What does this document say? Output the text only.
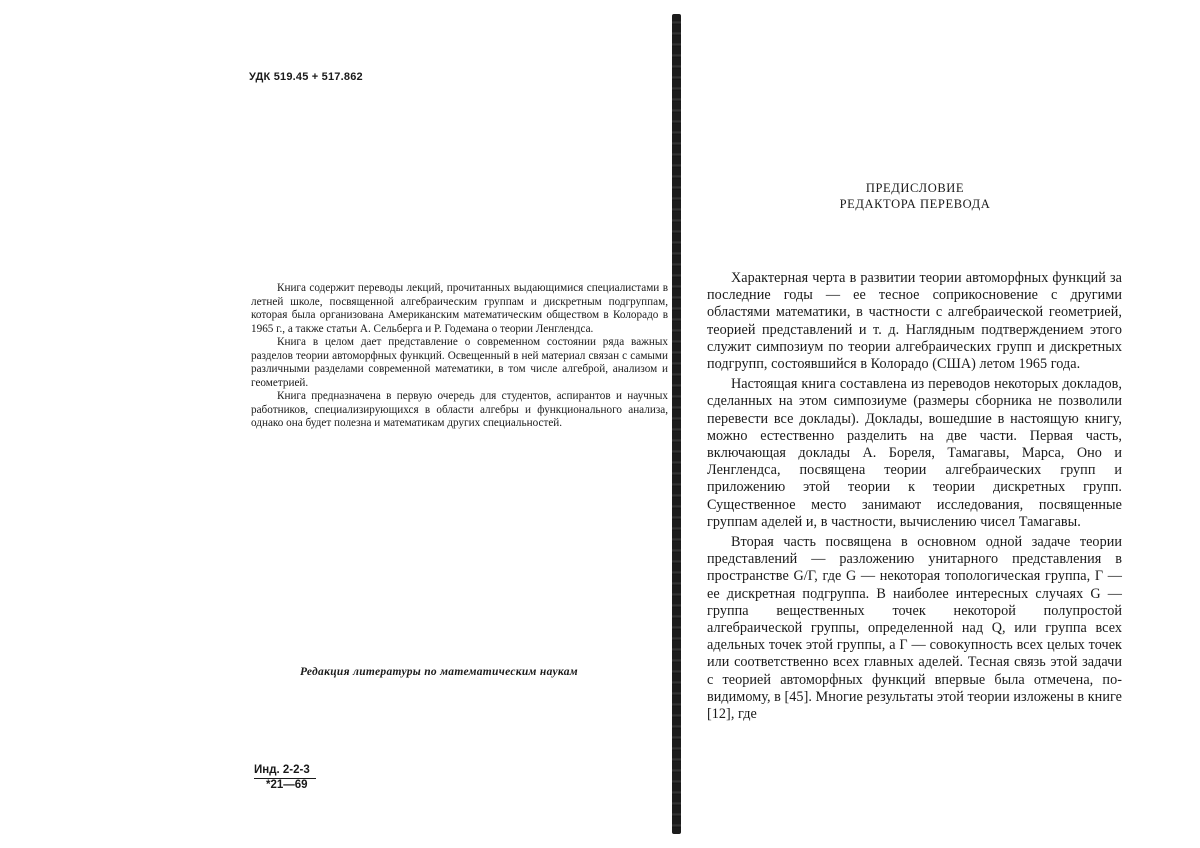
УДК 519.45 + 517.862

Книга содержит переводы лекций, прочитанных выдающимися специалистами в летней школе, посвященной алгебраическим группам и дискретным подгруппам, которая была организована Американским математическим обществом в Колорадо в 1965 г., а также статьи А. Сельберга и Р. Годемана о теории Ленглендса.

Книга в целом дает представление о современном состоянии ряда важных разделов теории автоморфных функций. Освещенный в ней материал связан с самыми различными разделами современной математики, в том числе алгеброй, анализом и геометрией.

Книга предназначена в первую очередь для студентов, аспирантов и научных работников, специализирующихся в области алгебры и функционального анализа, однако она будет полезна и математикам других специальностей.

Редакция литературы по математическим наукам
Инд. 2-2-3
*21—69
ПРЕДИСЛОВИЕ
РЕДАКТОРА ПЕРЕВОДА

Характерная черта в развитии теории автоморфных функций за последние годы — ее тесное соприкосновение с другими областями математики, в частности с алгебраической геометрией, теорией представлений и т. д. Наглядным подтверждением этого служит симпозиум по теории алгебраических групп и дискретных подгрупп, состоявшийся в Колорадо (США) летом 1965 года.

Настоящая книга составлена из переводов некоторых докладов, сделанных на этом симпозиуме (размеры сборника не позволили перевести все доклады). Доклады, вошедшие в настоящую книгу, можно естественно разделить на две части. Первая часть, включающая доклады А. Бореля, Тамагавы, Марса, Оно и Ленглендса, посвящена теории алгебраических групп и приложению этой теории к теории дискретных групп. Существенное место занимают исследования, посвященные группам аделей и, в частности, вычислению чисел Тамагавы.

Вторая часть посвящена в основном одной задаче теории представлений — разложению унитарного представления в пространстве G/Γ, где G — некоторая топологическая группа, Γ — ее дискретная подгруппа. В наиболее интересных случаях G — группа вещественных точек некоторой полупростой алгебраической группы, определенной над Q, или группа всех адельных точек этой группы, а Γ — совокупность всех целых точек или соответственно всех главных аделей. Тесная связь этой задачи с теорией автоморфных функций впервые была отмечена, по-видимому, в [45]. Многие результаты этой теории изложены в книге [12], где
